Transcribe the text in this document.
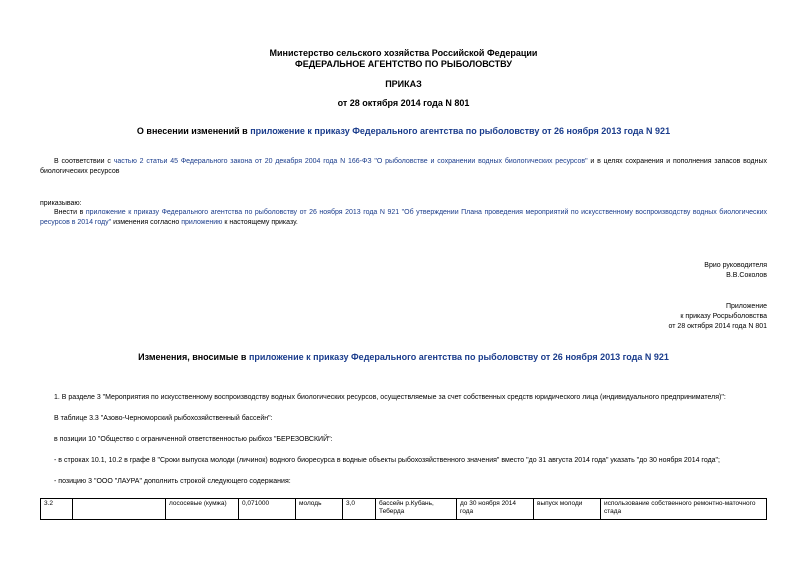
Министерство сельского хозяйства Российской Федерации
ФЕДЕРАЛЬНОЕ АГЕНТСТВО ПО РЫБОЛОВСТВУ
ПРИКАЗ
от 28 октября 2014 года N 801
О внесении изменений в приложение к приказу Федерального агентства по рыболовству от 26 ноября 2013 года N 921
В соответствии с частью 2 статьи 45 Федерального закона от 20 декабря 2004 года N 166-ФЗ "О рыболовстве и сохранении водных биологических ресурсов" и в целях сохранения и пополнения запасов водных биологических ресурсов
приказываю:
Внести в приложение к приказу Федерального агентства по рыболовству от 26 ноября 2013 года N 921 "Об утверждении Плана проведения мероприятий по искусственному воспроизводству водных биологических ресурсов в 2014 году" изменения согласно приложению к настоящему приказу.
Врио руководителя
В.В.Соколов
Приложение
к приказу Росрыболовства
от 28 октября 2014 года N 801
Изменения, вносимые в приложение к приказу Федерального агентства по рыболовству от 26 ноября 2013 года N 921
1. В разделе 3 "Мероприятия по искусственному воспроизводству водных биологических ресурсов, осуществляемые за счет собственных средств юридического лица (индивидуального предпринимателя)":
В таблице 3.3 "Азово-Черноморский рыбохозяйственный бассейн":
в позиции 10 "Общество с ограниченной ответственностью рыбхоз "БЕРЕЗОВСКИЙ":
- в строках 10.1, 10.2 в графе 8 "Сроки выпуска молоди (личинок) водного биоресурса в водные объекты рыбохозяйственного значения" вместо "до 31 августа 2014 года" указать "до 30 ноября 2014 года";
- позицию 3 "ООО "ЛАУРА" дополнить строкой следующего содержания:
3.2		лососевые (кумжа)	0,071000	молодь	3,0	бассейн р.Кубань, Теберда	до 30 ноября 2014 года	выпуск молоди	использование собственного ремонтно-маточного стада
